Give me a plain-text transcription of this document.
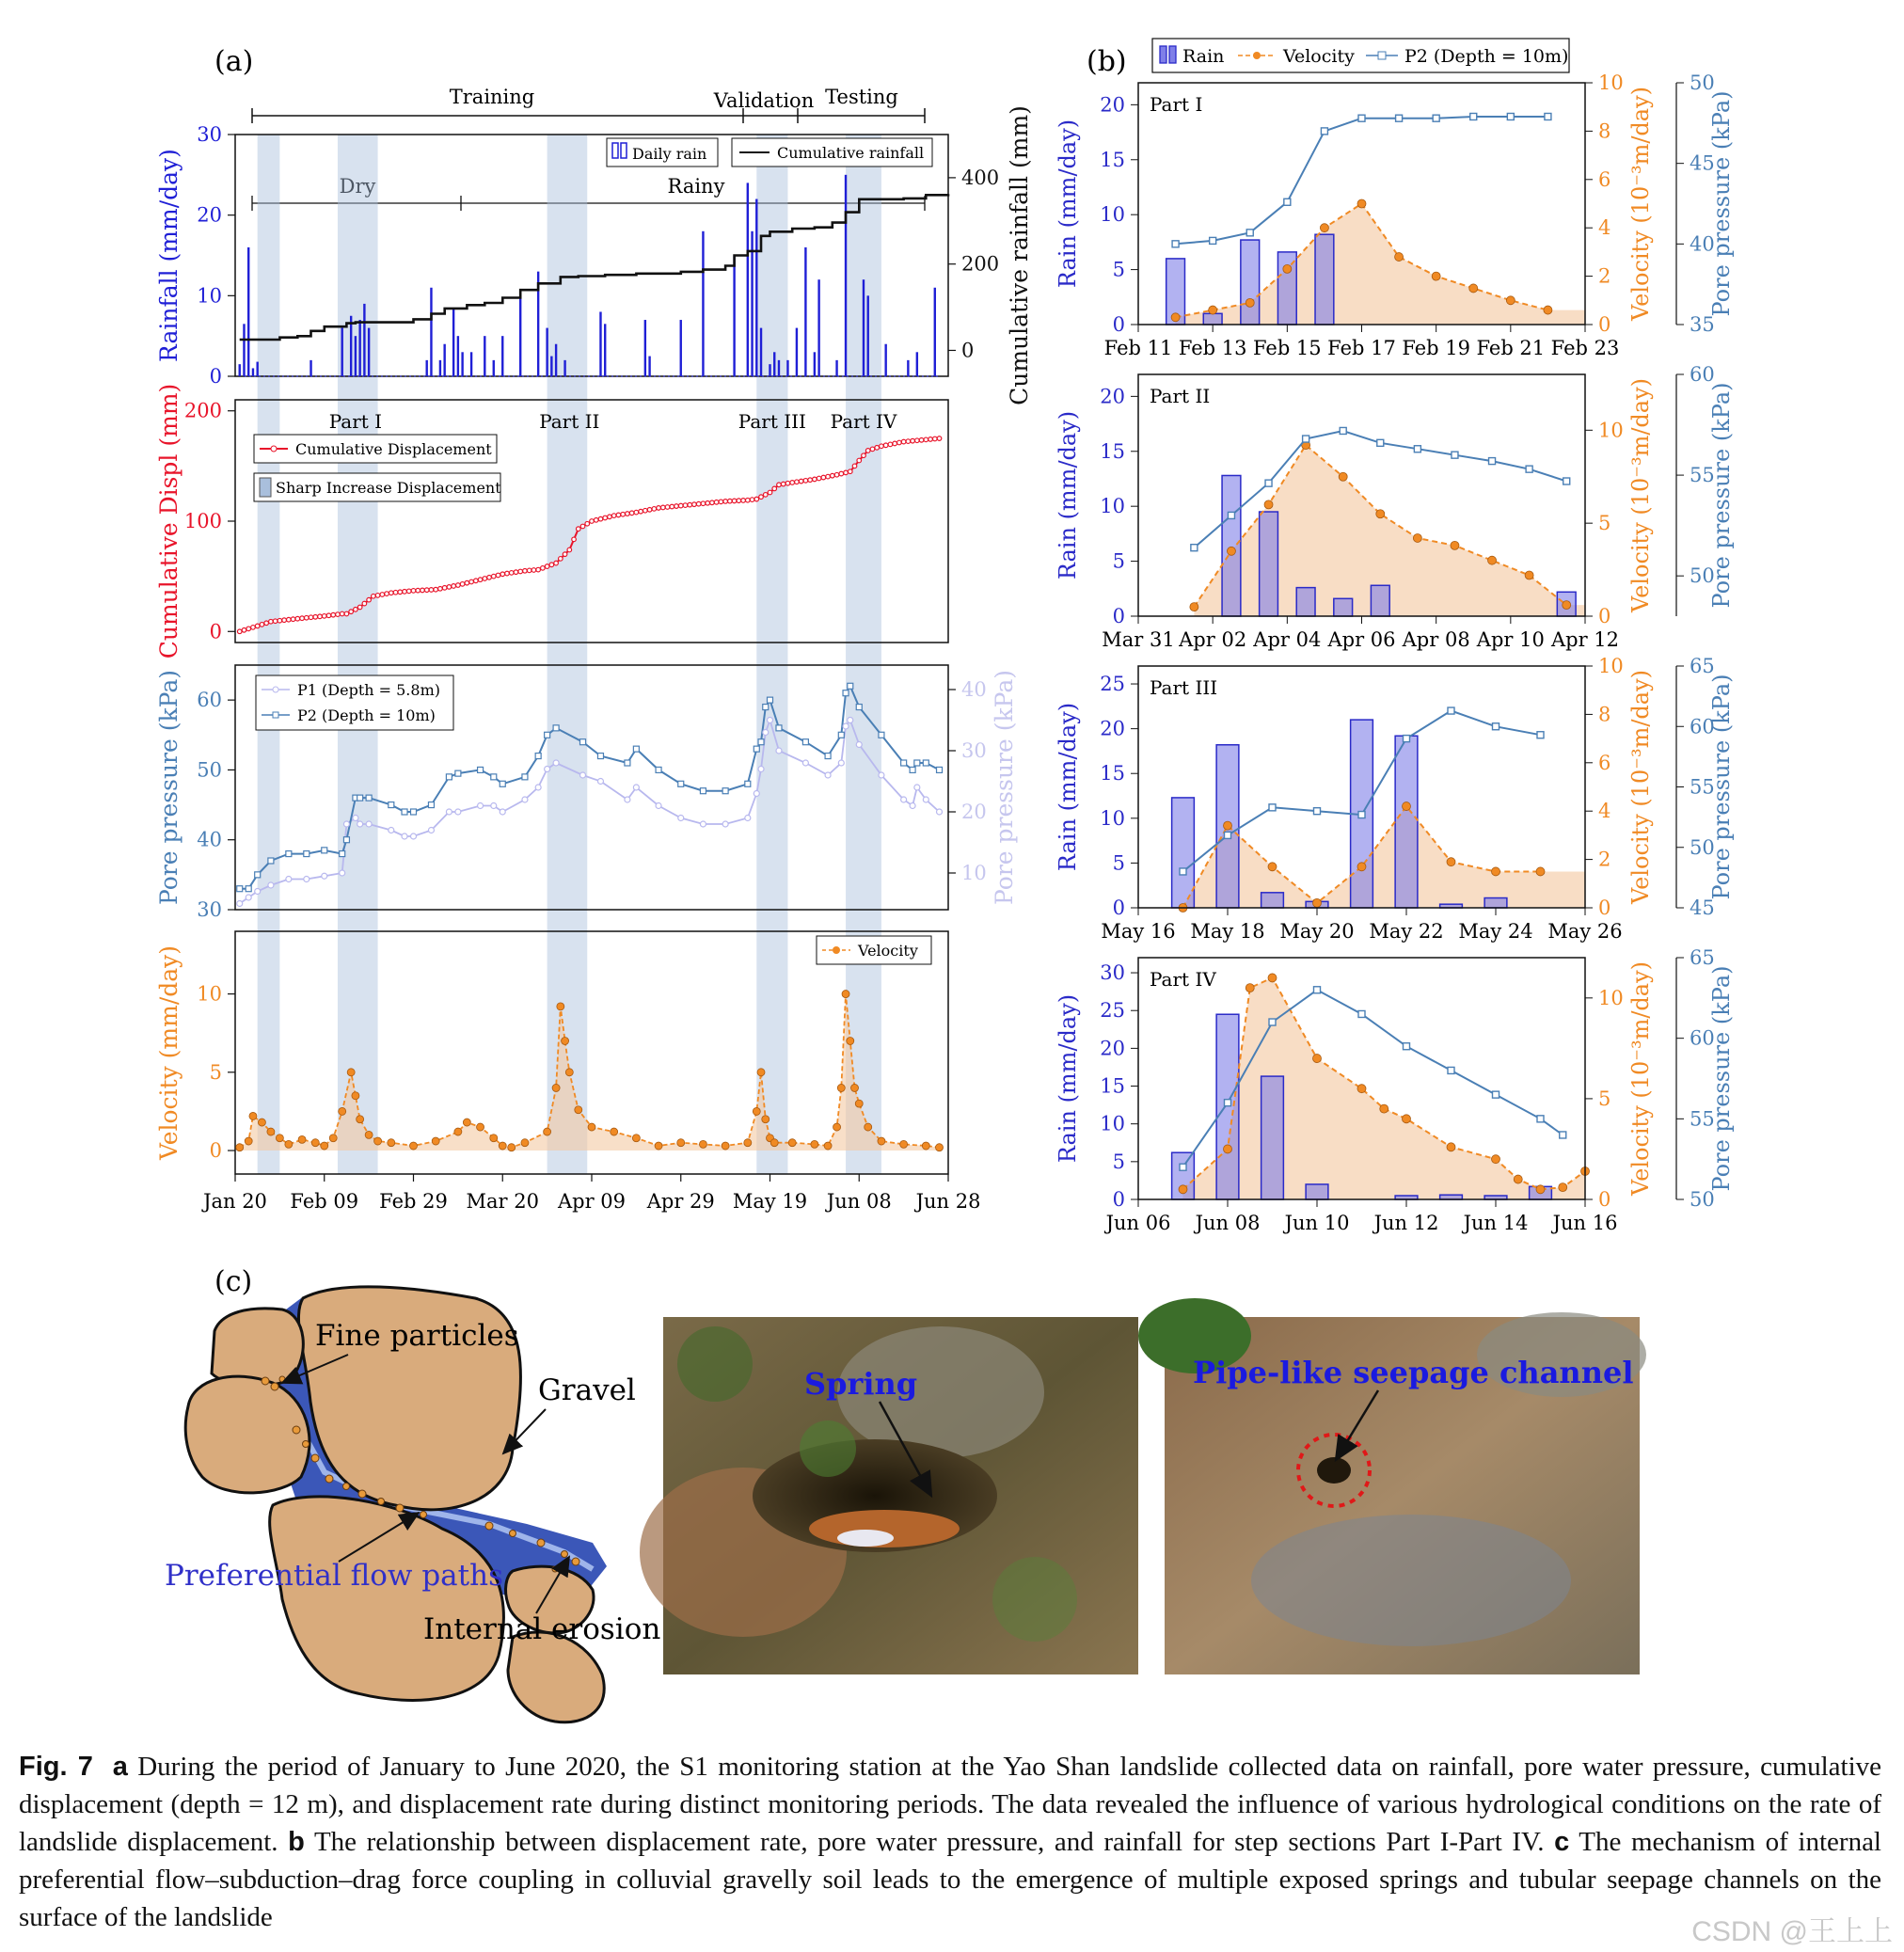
(a)	(b)
(c)
Training	Validation Testing
Dry	Rainy
0
10
20
30
Rainfall (mm/day)	0
200
400 Cumulative rainfall (mm)
Daily rain	Cumulative rainfall
0
100
200
Cumulative Displ (mm)	Part I	Part II	Part III Part IV
Cumulative Displacement
Sharp Increase Displacement
30
40
50
60
Pore pressure (kPa)	10
20
30
40 Pore pressure (kPa)
P1 (Depth = 5.8m)
P2 (Depth = 10m)
0
5
10
Velocity (mm/day)
Jan 20 Feb 09 Feb 29 Mar 20 Apr 09 Apr 29 May 19 Jun 08 Jun 28
Velocity
Part I
0
5
10
15
20
Rain (mm/day)
0
2
4
6
8
10
Velocity (10⁻³m/day)
35
40
45
50
Pore pressure (kPa)
Feb 11 Feb 13 Feb 15 Feb 17 Feb 19 Feb 21 Feb 23
Part II
0
5
10
15
20
Rain (mm/day)
0
5
10 Velocity (10⁻³m/day) 50
55
60
Pore pressure (kPa)
Mar 31 Apr 02 Apr 04 Apr 06 Apr 08 Apr 10 Apr 12
Part III
0
5
10
15
20
25
Rain (mm/day)
0
2
4
6
8
10
Velocity (10⁻³m/day)
45
50
55
60
65
Pore pressure (kPa)
May 16 May 18 May 20 May 22 May 24 May 26
Part IV
0
5
10
15
20
25
30
Rain (mm/day)
0
5
10 Velocity (10⁻³m/day)
50
55
60
65
Pore pressure (kPa)
Jun 06 Jun 08 Jun 10 Jun 12 Jun 14 Jun 16
Rain	Velocity	P2 (Depth = 10m)
Fine particles
Gravel
Preferential flow paths
Internal erosion
Spring	Pipe-like seepage channel
Fig. 7 a During the period of January to June 2020, the S1 monitoring station at the Yao Shan landslide collected data on rainfall, pore water pressure, cumulative displacement (depth = 12 m), and displacement rate during distinct monitoring periods. The data revealed the influence of various hydrological conditions on the rate of landslide displacement. b The relationship between displacement rate, pore water pressure, and rainfall for step sections Part I-Part IV. c The mechanism of internal preferential flow–subduction–drag force coupling in colluvial gravelly soil leads to the emergence of multiple exposed springs and tubular seepage channels on the surface of the landslide	CSDN @王上上
